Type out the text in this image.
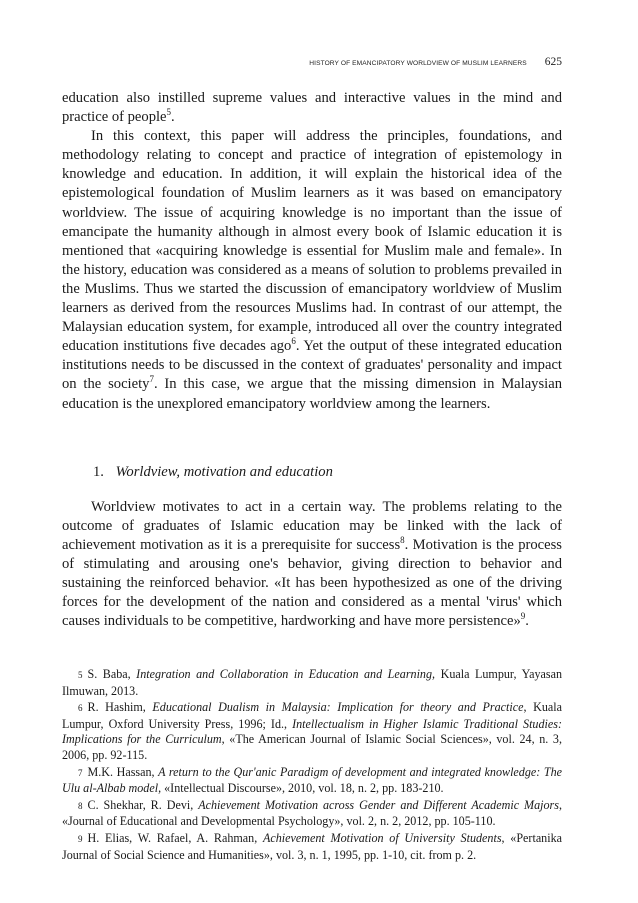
HISTORY OF EMANCIPATORY WORLDVIEW OF MUSLIM LEARNERS 625

education also instilled supreme values and interactive values in the mind and practice of people$^5$.

In this context, this paper will address the principles, foundations, and methodology relating to concept and practice of integration of epistemology in knowledge and education. In addition, it will explain the historical idea of the epistemological foundation of Muslim learners as it was based on emancipatory worldview. The issue of acquiring knowledge is no important than the issue of emancipate the humanity although in almost every book of Islamic education it is mentioned that «acquiring knowledge is essential for Muslim male and female». In the history, education was considered as a means of solution to problems prevailed in the Muslims. Thus we started the discussion of emancipatory worldview of Muslim learners as derived from the resources Muslims had. In contrast of our attempt, the Malaysian education system, for example, introduced all over the country integrated education institutions five decades ago$^6$. Yet the output of these integrated education institutions needs to be discussed in the context of graduates' personality and impact on the society$^7$. In this case, we argue that the missing dimension in Malaysian education is the unexplored emancipatory worldview among the learners.

1. Worldview, motivation and education

Worldview motivates to act in a certain way. The problems relating to the outcome of graduates of Islamic education may be linked with the lack of achievement motivation as it is a prerequisite for success$^8$. Motivation is the process of stimulating and arousing one's behavior, giving direction to behavior and sustaining the reinforced behavior. «It has been hypothesized as one of the driving forces for the development of the nation and considered as a mental 'virus' which causes individuals to be competitive, hardworking and have more persistence»$^9$.

5 S. Baba, Integration and Collaboration in Education and Learning, Kuala Lumpur, Yayasan Ilmuwan, 2013.

6 R. Hashim, Educational Dualism in Malaysia: Implication for theory and Practice, Kuala Lumpur, Oxford University Press, 1996; Id., Intellectualism in Higher Islamic Traditional Studies: Implications for the Curriculum, «The American Journal of Islamic Social Sciences», vol. 24, n. 3, 2006, pp. 92-115.

7 M.K. Hassan, A return to the Qur'anic Paradigm of development and integrated knowledge: The Ulu al-Albab model, «Intellectual Discourse», 2010, vol. 18, n. 2, pp. 183-210.

8 C. Shekhar, R. Devi, Achievement Motivation across Gender and Different Academic Majors, «Journal of Educational and Developmental Psychology», vol. 2, n. 2, 2012, pp. 105-110.

9 H. Elias, W. Rafael, A. Rahman, Achievement Motivation of University Students, «Pertanika Journal of Social Science and Humanities», vol. 3, n. 1, 1995, pp. 1-10, cit. from p. 2.
